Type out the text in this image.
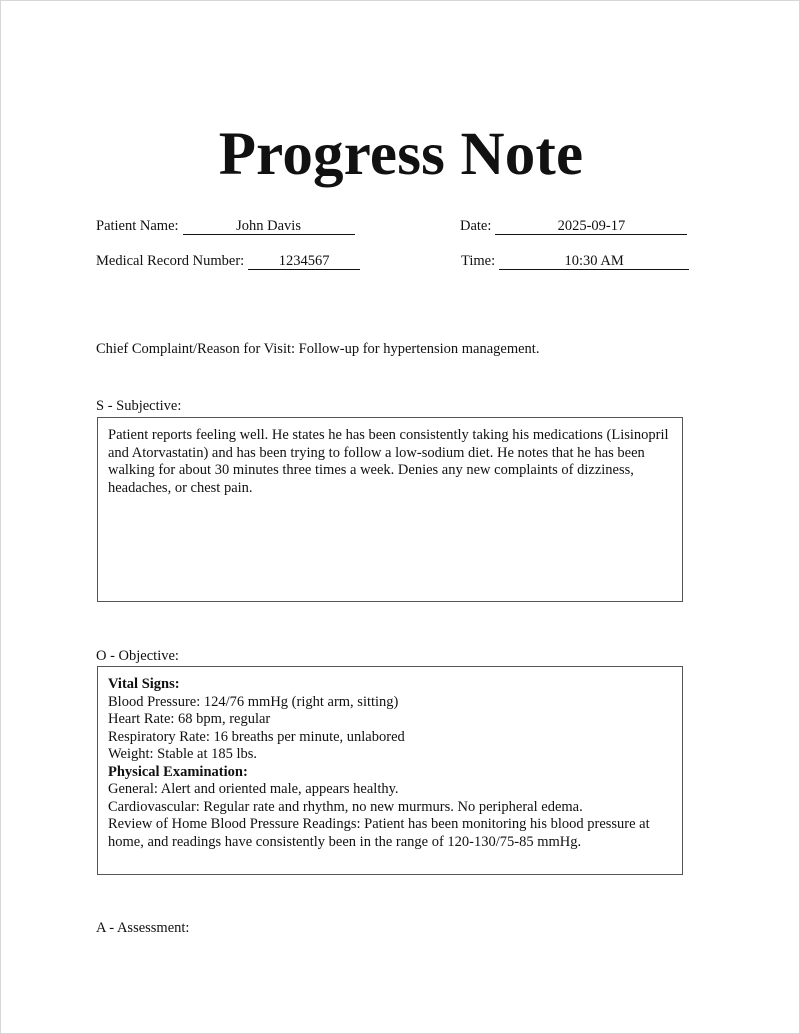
Progress Note
Patient Name:	John Davis	Date:	2025-09-17
Medical Record Number: 1234567	Time:	10:30 AM
Chief Complaint/Reason for Visit: Follow-up for hypertension management.
S - Subjective:
Patient reports feeling well. He states he has been consistently taking his medications (Lisinopril and Atorvastatin) and has been trying to follow a low-sodium diet. He notes that he has been walking for about 30 minutes three times a week. Denies any new complaints of dizziness, headaches, or chest pain.
O - Objective:
Vital Signs:
Blood Pressure: 124/76 mmHg (right arm, sitting)
Heart Rate: 68 bpm, regular
Respiratory Rate: 16 breaths per minute, unlabored
Weight: Stable at 185 lbs.
Physical Examination:
General: Alert and oriented male, appears healthy.
Cardiovascular: Regular rate and rhythm, no new murmurs. No peripheral edema.
Review of Home Blood Pressure Readings: Patient has been monitoring his blood pressure at home, and readings have consistently been in the range of 120-130/75-85 mmHg.
A - Assessment:
